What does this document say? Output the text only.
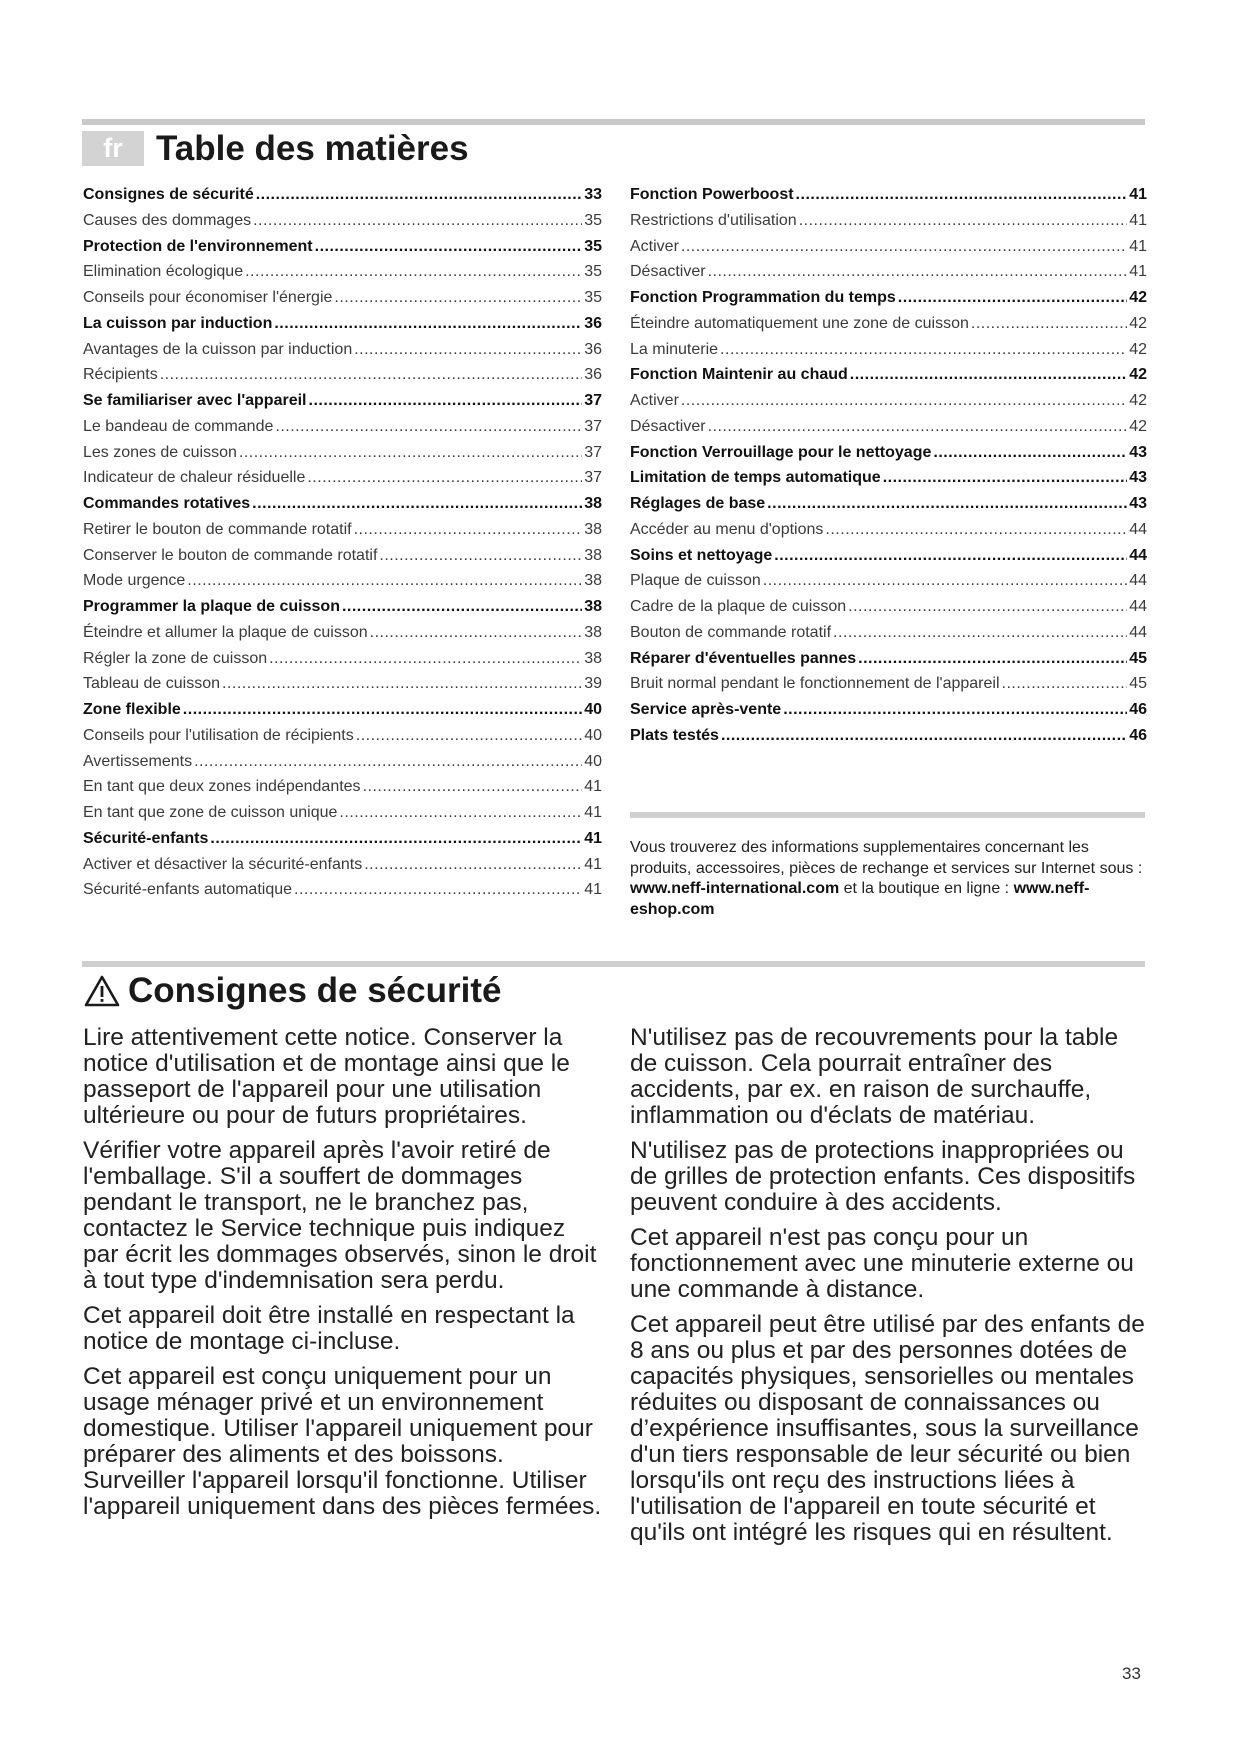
fr Table des matières
Consignes de sécurité .....	33
Causes des dommages .....	35
Protection de l'environnement .....	35
Elimination écologique .....	35
Conseils pour économiser l'énergie .....	35
La cuisson par induction .....	36
Avantages de la cuisson par induction .....	36
Récipients .....	36
Se familiariser avec l'appareil .....	37
Le bandeau de commande .....	37
Les zones de cuisson .....	37
Indicateur de chaleur résiduelle .....	37
Commandes rotatives .....	38
Retirer le bouton de commande rotatif .....	38
Conserver le bouton de commande rotatif .....	38
Mode urgence .....	38
Programmer la plaque de cuisson .....	38
Éteindre et allumer la plaque de cuisson .....	38
Régler la zone de cuisson .....	38
Tableau de cuisson .....	39
Zone flexible .....	40
Conseils pour l'utilisation de récipients .....	40
Avertissements .....	40
En tant que deux zones indépendantes .....	41
En tant que zone de cuisson unique .....	41
Sécurité-enfants .....	41
Activer et désactiver la sécurité-enfants .....	41
Sécurité-enfants automatique .....	41
Fonction Powerboost .....	41
Restrictions d'utilisation .....	41
Activer .....	41
Désactiver .....	41
Fonction Programmation du temps .....	42
Éteindre automatiquement une zone de cuisson .....	42
La minuterie .....	42
Fonction Maintenir au chaud .....	42
Activer .....	42
Désactiver .....	42
Fonction Verrouillage pour le nettoyage .....	43
Limitation de temps automatique .....	43
Réglages de base .....	43
Accéder au menu d'options .....	44
Soins et nettoyage .....	44
Plaque de cuisson .....	44
Cadre de la plaque de cuisson .....	44
Bouton de commande rotatif .....	44
Réparer d'éventuelles pannes .....	45
Bruit normal pendant le fonctionnement de l'appareil .....	45
Service après-vente .....	46
Plats testés .....	46
Vous trouverez des informations supplementaires concernant les produits, accessoires, pièces de rechange et services sur Internet sous : www.neff-international.com et la boutique en ligne : www.neff-eshop.com
Consignes de sécurité

Lire attentivement cette notice. Conserver la notice d'utilisation et de montage ainsi que le passeport de l'appareil pour une utilisation ultérieure ou pour de futurs propriétaires.

Vérifier votre appareil après l'avoir retiré de l'emballage. S'il a souffert de dommages pendant le transport, ne le branchez pas, contactez le Service technique puis indiquez par écrit les dommages observés, sinon le droit à tout type d'indemnisation sera perdu.

Cet appareil doit être installé en respectant la notice de montage ci-incluse.

Cet appareil est conçu uniquement pour un usage ménager privé et un environnement domestique. Utiliser l'appareil uniquement pour préparer des aliments et des boissons. Surveiller l'appareil lorsqu'il fonctionne. Utiliser l'appareil uniquement dans des pièces fermées.

N'utilisez pas de recouvrements pour la table de cuisson. Cela pourrait entraîner des accidents, par ex. en raison de surchauffe, inflammation ou d'éclats de matériau.

N'utilisez pas de protections inappropriées ou de grilles de protection enfants. Ces dispositifs peuvent conduire à des accidents.

Cet appareil n'est pas conçu pour un fonctionnement avec une minuterie externe ou une commande à distance.

Cet appareil peut être utilisé par des enfants de 8 ans ou plus et par des personnes dotées de capacités physiques, sensorielles ou mentales réduites ou disposant de connaissances ou d’expérience insuffisantes, sous la surveillance d'un tiers responsable de leur sécurité ou bien lorsqu'ils ont reçu des instructions liées à l'utilisation de l'appareil en toute sécurité et qu'ils ont intégré les risques qui en résultent.

33
